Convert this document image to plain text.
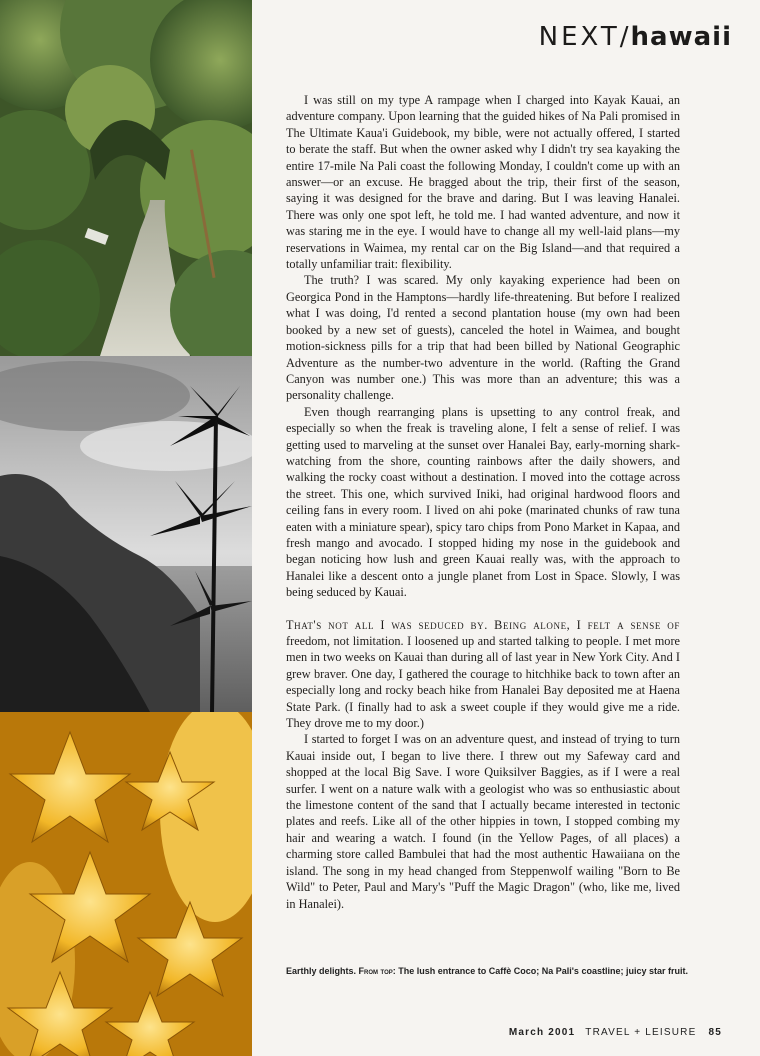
NEXT/hawaii

I was still on my type A rampage when I charged into Kayak Kauai, an adventure company. Upon learning that the guided hikes of Na Pali promised in The Ultimate Kaua'i Guidebook, my bible, were not actually offered, I started to berate the staff. But when the owner asked why I didn't try sea kayaking the entire 17-mile Na Pali coast the following Monday, I couldn't come up with an answer—or an excuse. He bragged about the trip, their first of the season, saying it was designed for the brave and daring. But I was leaving Hanalei. There was only one spot left, he told me. I had wanted adventure, and now it was staring me in the eye. I would have to change all my well-laid plans—my reservations in Waimea, my rental car on the Big Island—and that required a totally unfamiliar trait: flexibility.

The truth? I was scared. My only kayaking experience had been on Georgica Pond in the Hamptons—hardly life-threatening. But before I realized what I was doing, I'd rented a second plantation house (my own had been booked by a new set of guests), canceled the hotel in Waimea, and bought motion-sickness pills for a trip that had been billed by National Geographic Adventure as the number-two adventure in the world. (Rafting the Grand Canyon was number one.) This was more than an adventure; this was a personality challenge.

Even though rearranging plans is upsetting to any control freak, and especially so when the freak is traveling alone, I felt a sense of relief. I was getting used to marveling at the sunset over Hanalei Bay, early-morning shark-watching from the shore, counting rainbows after the daily showers, and walking the rocky coast without a destination. I moved into the cottage across the street. This one, which survived Iniki, had original hardwood floors and ceiling fans in every room. I lived on ahi poke (marinated chunks of raw tuna eaten with a miniature spear), spicy taro chips from Pono Market in Kapaa, and fresh mango and avocado. I stopped hiding my nose in the guidebook and began noticing how lush and green Kauai really was, with the approach to Hanalei like a descent onto a jungle planet from Lost in Space. Slowly, I was being seduced by Kauai.

That's not all I was seduced by. Being alone, I felt a sense of freedom, not limitation. I loosened up and started talking to people. I met more men in two weeks on Kauai than during all of last year in New York City. And I grew braver. One day, I gathered the courage to hitchhike back to town after an especially long and rocky beach hike from Hanalei Bay deposited me at Haena State Park. (I finally had to ask a sweet couple if they would give me a ride. They drove me to my door.)

I started to forget I was on an adventure quest, and instead of trying to turn Kauai inside out, I began to live there. I threw out my Safeway card and shopped at the local Big Save. I wore Quiksilver Baggies, as if I were a real surfer. I went on a nature walk with a geologist who was so enthusiastic about the limestone content of the sand that I actually became interested in tectonic plates and reefs. Like all of the other hippies in town, I stopped combing my hair and wearing a watch. I found (in the Yellow Pages, of all places) a charming store called Bambulei that had the most authentic Hawaiiana on the island. The song in my head changed from Steppenwolf wailing "Born to Be Wild" to Peter, Paul and Mary's "Puff the Magic Dragon" (who, like me, lived in Hanalei).

Earthly delights. From top: The lush entrance to Caffè Coco; Na Pali's coastline; juicy star fruit.
March 2001 TRAVEL + LEISURE 85
